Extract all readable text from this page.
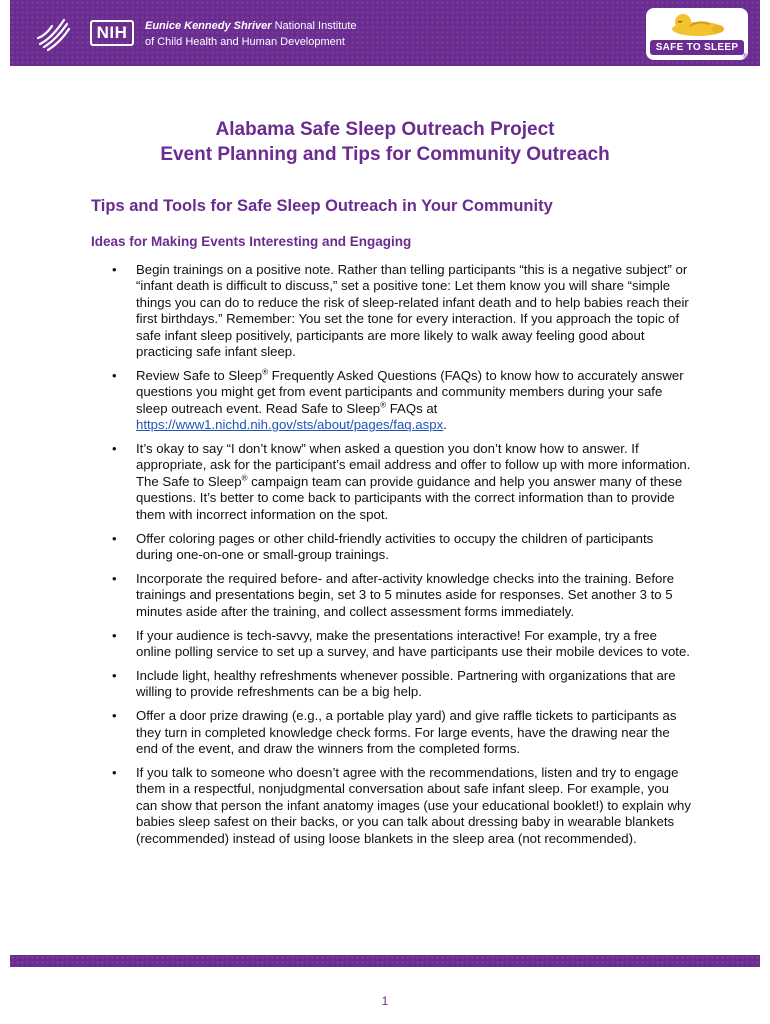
NIH	Eunice Kennedy Shriver National Institute
of Child Health and Human Development	SAFE TO SLEEP
®
Alabama Safe Sleep Outreach Project
Event Planning and Tips for Community Outreach
Tips and Tools for Safe Sleep Outreach in Your Community
Ideas for Making Events Interesting and Engaging
• Begin trainings on a positive note. Rather than telling participants “this is a negative subject” or “infant death is difficult to discuss,” set a positive tone: Let them know you will share “simple things you can do to reduce the risk of sleep-related infant death and to help babies reach their first birthdays.” Remember: You set the tone for every interaction. If you approach the topic of safe infant sleep positively, participants are more likely to walk away feeling good about practicing safe infant sleep.

• Review Safe to Sleep® Frequently Asked Questions (FAQs) to know how to accurately answer questions you might get from event participants and community members during your safe sleep outreach event. Read Safe to Sleep® FAQs at https://www1.nichd.nih.gov/sts/about/pages/faq.aspx.

• It’s okay to say “I don’t know” when asked a question you don’t know how to answer. If appropriate, ask for the participant’s email address and offer to follow up with more information. The Safe to Sleep® campaign team can provide guidance and help you answer many of these questions. It’s better to come back to participants with the correct information than to provide them with incorrect information on the spot.

• Offer coloring pages or other child-friendly activities to occupy the children of participants during one-on-one or small-group trainings.

• Incorporate the required before- and after-activity knowledge checks into the training. Before trainings and presentations begin, set 3 to 5 minutes aside for responses. Set another 3 to 5 minutes aside after the training, and collect assessment forms immediately.

• If your audience is tech-savvy, make the presentations interactive! For example, try a free online polling service to set up a survey, and have participants use their mobile devices to vote.

• Include light, healthy refreshments whenever possible. Partnering with organizations that are willing to provide refreshments can be a big help.

• Offer a door prize drawing (e.g., a portable play yard) and give raffle tickets to participants as they turn in completed knowledge check forms. For large events, have the drawing near the end of the event, and draw the winners from the completed forms.

• If you talk to someone who doesn’t agree with the recommendations, listen and try to engage them in a respectful, nonjudgmental conversation about safe infant sleep. For example, you can show that person the infant anatomy images (use your educational booklet!) to explain why babies sleep safest on their backs, or you can talk about dressing baby in wearable blankets (recommended) instead of using loose blankets in the sleep area (not recommended).

1
